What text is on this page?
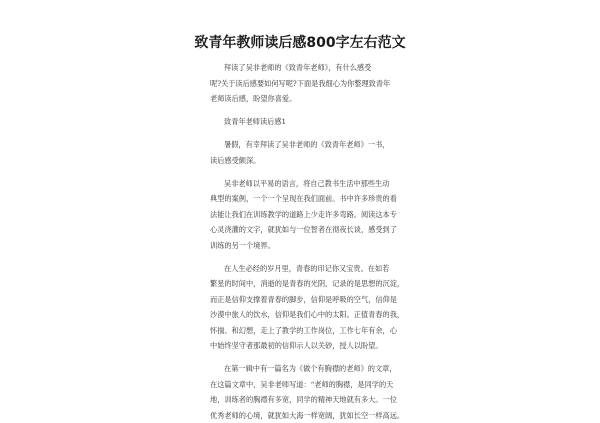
致青年教师读后感800字左右范文
拜读了吴非老师的《致青年老师》，有什么感受
呢?关于读后感要如何写呢?下面是我细心为你整理致青年
老师读后感，盼望你喜爱。
致青年老师读后感1
暑假，有幸拜读了吴非老师的《致青年老师》一书，
读后感受颇深。
吴非老师以平易的语言，将自己教书生活中那些生动
典型的案例，一个一个呈现在我们面前。书中许多珍贵的看
法能让我们在训练教学的道路上少走许多弯路。阅读这本专
心灵浇灌的文字，就犹如与一位智者在彻夜长谈，感受到了
训练的另一个境界。
在人生必经的岁月里，青春的印记你又宝贵。在如若
繁星的时间中，消逝的是青春的光阴，记录的是思想的沉淀，
而正是信仰支撑着青春的脚步，信仰是呼吸的空气，信仰是
沙漠中旅人的饮水，信仰是我们心中的太阳。正值青春的我，
怀揣、和幻想，走上了教学的工作岗位，工作七年有余，心
中始终坚守者那最初的信仰示人以关砂，授人以盼望。
在第一辑中有一篇名为《做个有胸襟的老师》的文章，
在这篇文章中，吴非老师写道：“老师的胸襟，是同学的天
地，训练者的胸襟有多宽，同学的精神天地就有多大。一位
优秀老师的心境，就犹如大海一样宽阔，犹如长空一样高远。
